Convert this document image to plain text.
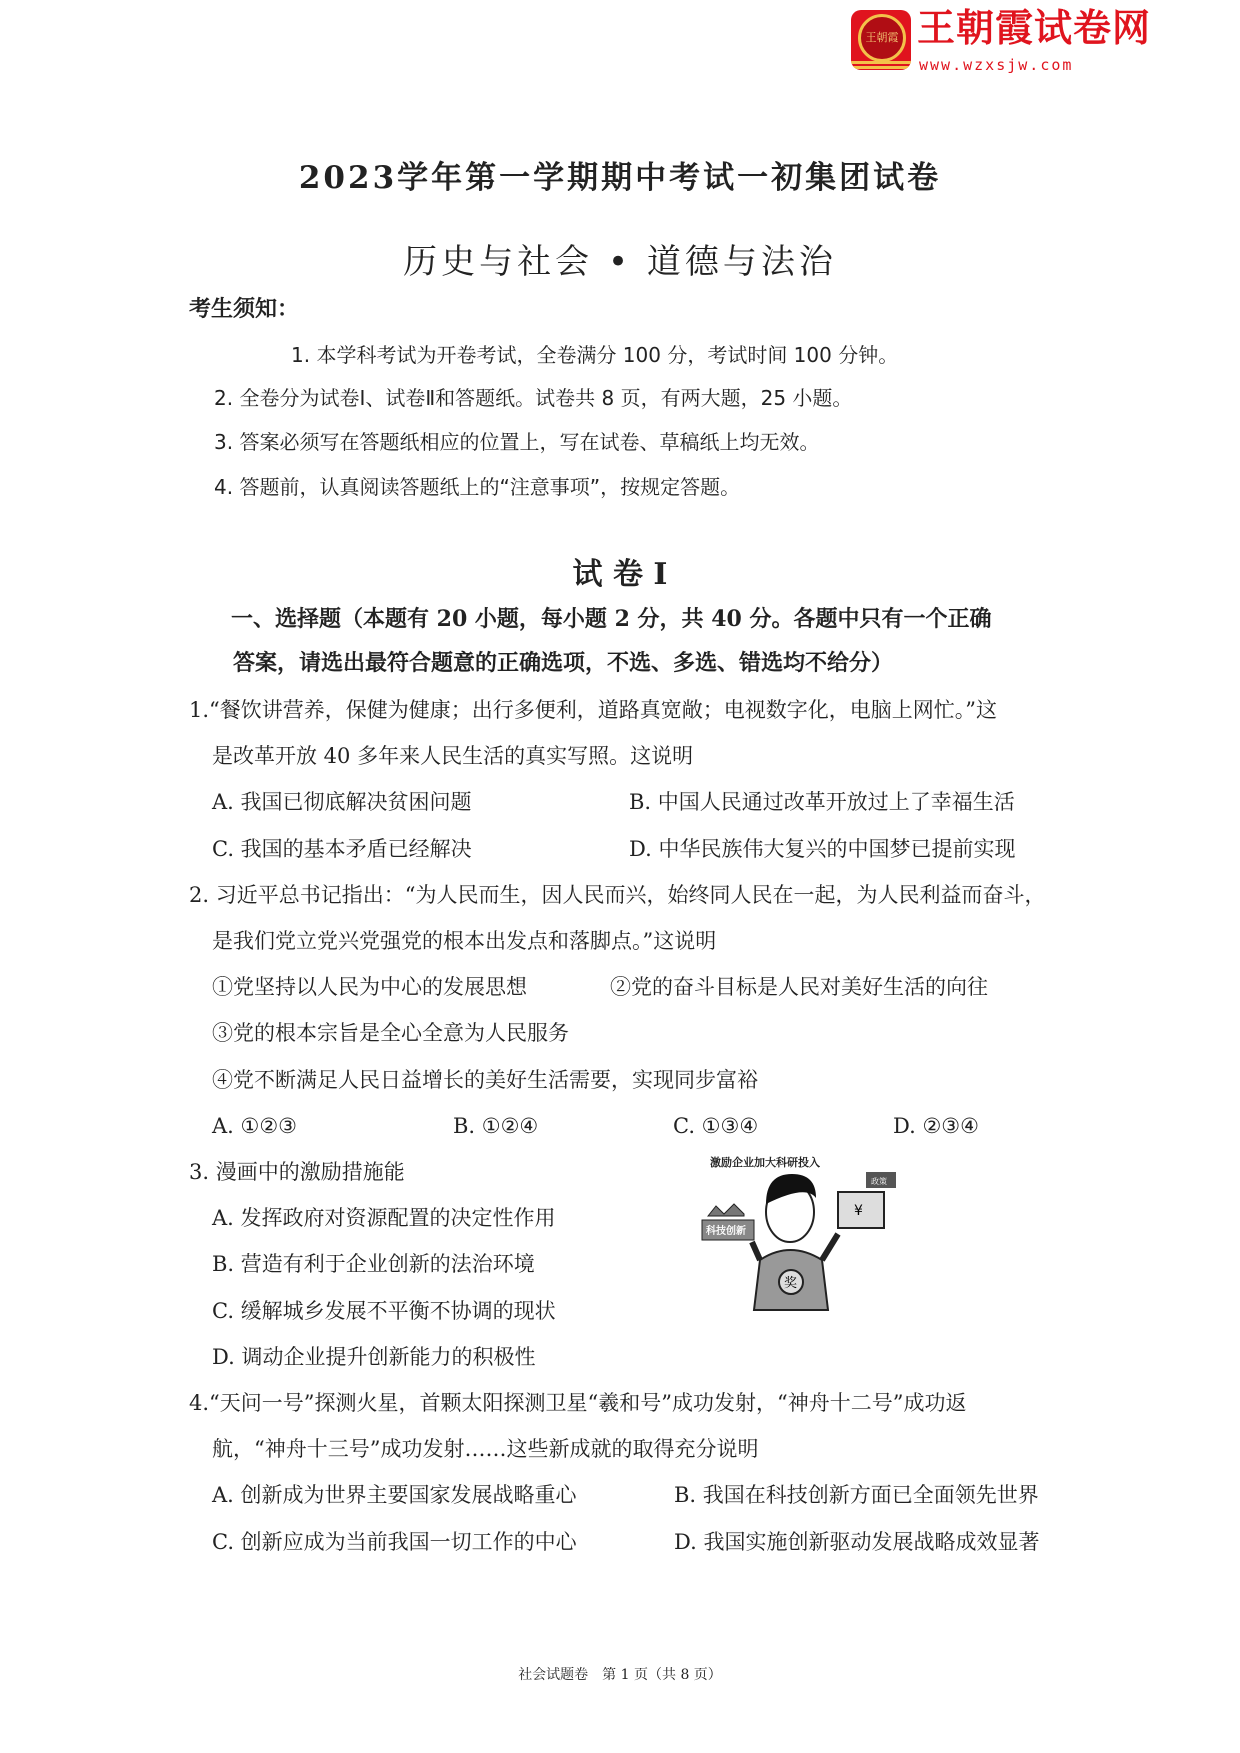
王朝霞 王朝霞试卷网
www.wzxsjw.com
2023学年第一学期期中考试一初集团试卷
历史与社会 • 道德与法治
考生须知：
1. 本学科考试为开卷考试，全卷满分 100 分，考试时间 100 分钟。
2. 全卷分为试卷Ⅰ、试卷Ⅱ和答题纸。试卷共 8 页，有两大题，25 小题。
3. 答案必须写在答题纸相应的位置上，写在试卷、草稿纸上均无效。
4. 答题前，认真阅读答题纸上的“注意事项”，按规定答题。
试 卷 Ⅰ
一、选择题（本题有 20 小题，每小题 2 分，共 40 分。各题中只有一个正确
答案，请选出最符合题意的正确选项，不选、多选、错选均不给分）
1.“餐饮讲营养，保健为健康；出行多便利，道路真宽敞；电视数字化，电脑上网忙。”这
是改革开放 40 多年来人民生活的真实写照。这说明
A. 我国已彻底解决贫困问题	B. 中国人民通过改革开放过上了幸福生活
C. 我国的基本矛盾已经解决	D. 中华民族伟大复兴的中国梦已提前实现
2. 习近平总书记指出：“为人民而生，因人民而兴，始终同人民在一起，为人民利益而奋斗，
是我们党立党兴党强党的根本出发点和落脚点。”这说明
①党坚持以人民为中心的发展思想	②党的奋斗目标是人民对美好生活的向往
③党的根本宗旨是全心全意为人民服务
④党不断满足人民日益增长的美好生活需要，实现同步富裕
A. ①②③	B. ①②④	C. ①③④	D. ②③④
3. 漫画中的激励措施能
A. 发挥政府对资源配置的决定性作用
B. 营造有利于企业创新的法治环境
C. 缓解城乡发展不平衡不协调的现状
D. 调动企业提升创新能力的积极性
激励企业加大科研投入
政策
¥
科技创新
奖
4.“天问一号”探测火星，首颗太阳探测卫星“羲和号”成功发射，“神舟十二号”成功返
航，“神舟十三号”成功发射……这些新成就的取得充分说明
A. 创新成为世界主要国家发展战略重心	B. 我国在科技创新方面已全面领先世界
C. 创新应成为当前我国一切工作的中心	D. 我国实施创新驱动发展战略成效显著
社会试题卷　第 1 页（共 8 页）
